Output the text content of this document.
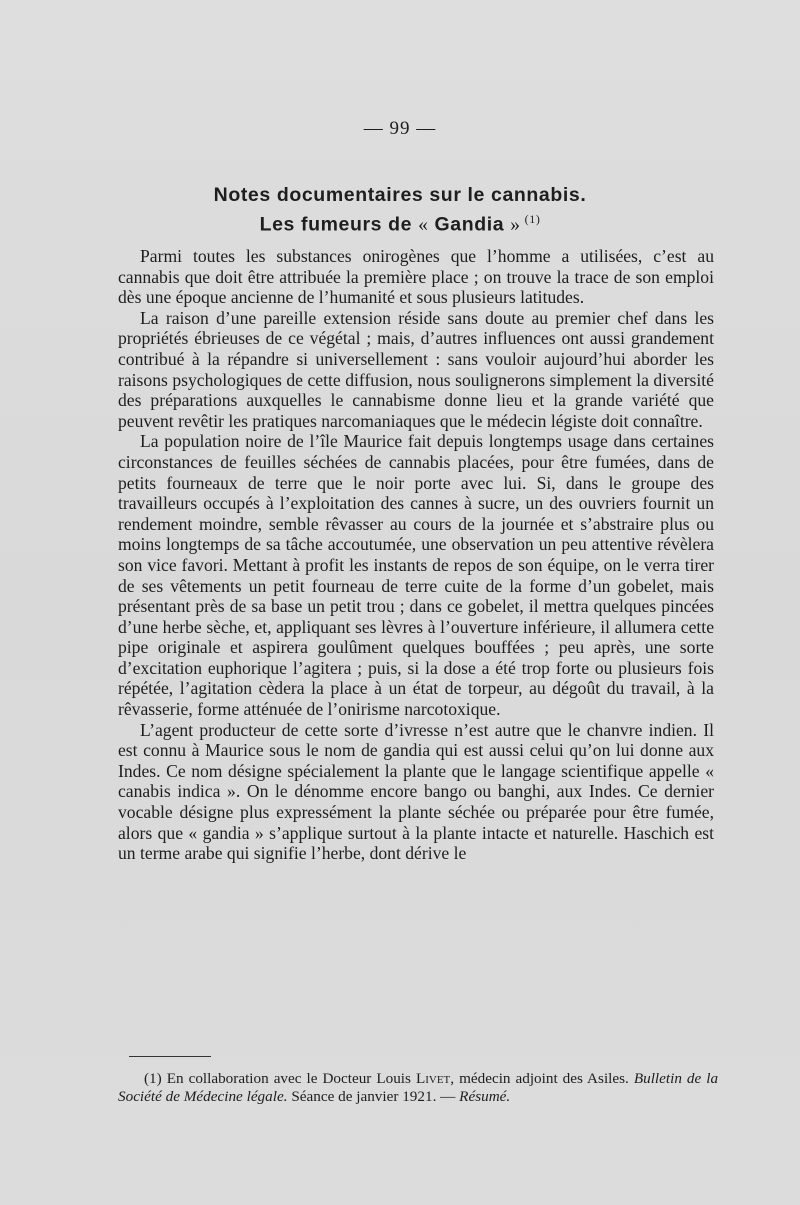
— 99 —
Notes documentaires sur le cannabis.
Les fumeurs de « Gandia » $^{(1)}$

Parmi toutes les substances onirogènes que l’homme a utilisées, c’est au cannabis que doit être attribuée la première place ; on trouve la trace de son emploi dès une époque ancienne de l’humanité et sous plusieurs latitudes.

La raison d’une pareille extension réside sans doute au premier chef dans les propriétés ébrieuses de ce végétal ; mais, d’autres influences ont aussi grandement contribué à la répandre si universellement : sans vouloir aujourd’hui aborder les raisons psychologiques de cette diffusion, nous soulignerons simplement la diversité des préparations auxquelles le cannabisme donne lieu et la grande variété que peuvent revêtir les pratiques narcomaniaques que le médecin légiste doit connaître.

La population noire de l’île Maurice fait depuis longtemps usage dans certaines circonstances de feuilles séchées de cannabis placées, pour être fumées, dans de petits fourneaux de terre que le noir porte avec lui. Si, dans le groupe des travailleurs occupés à l’exploitation des cannes à sucre, un des ouvriers fournit un rendement moindre, semble rêvasser au cours de la journée et s’abstraire plus ou moins longtemps de sa tâche accoutumée, une observation un peu attentive révèlera son vice favori. Mettant à profit les instants de repos de son équipe, on le verra tirer de ses vêtements un petit fourneau de terre cuite de la forme d’un gobelet, mais présentant près de sa base un petit trou ; dans ce gobelet, il mettra quelques pincées d’une herbe sèche, et, appliquant ses lèvres à l’ouverture inférieure, il allumera cette pipe originale et aspirera goulûment quelques bouffées ; peu après, une sorte d’excitation euphorique l’agitera ; puis, si la dose a été trop forte ou plusieurs fois répétée, l’agitation cèdera la place à un état de torpeur, au dégoût du travail, à la rêvasserie, forme atténuée de l’onirisme narcotoxique.

L’agent producteur de cette sorte d’ivresse n’est autre que le chanvre indien. Il est connu à Maurice sous le nom de gandia qui est aussi celui qu’on lui donne aux Indes. Ce nom désigne spécialement la plante que le langage scientifique appelle « canabis indica ». On le dénomme encore bango ou banghi, aux Indes. Ce dernier vocable désigne plus expressément la plante séchée ou préparée pour être fumée, alors que « gandia » s’applique surtout à la plante intacte et naturelle. Haschich est un terme arabe qui signifie l’herbe, dont dérive le

(1) En collaboration avec le Docteur Louis Livet, médecin adjoint des Asiles. Bulletin de la Société de Médecine légale. Séance de janvier 1921. — Résumé.
